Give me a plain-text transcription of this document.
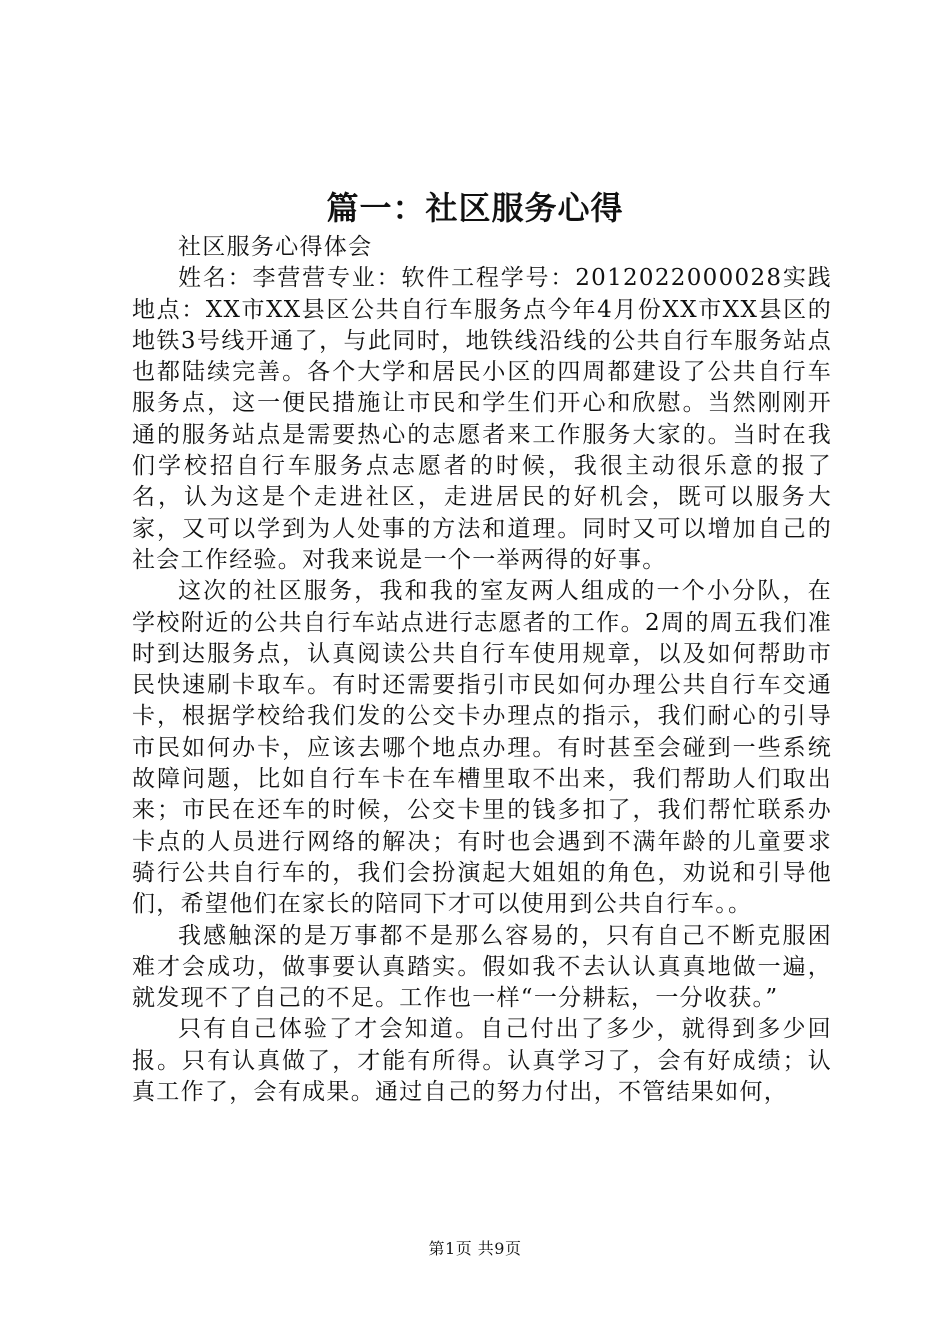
篇一：社区服务心得

社区服务心得体会

姓名：李营营专业：软件工程学号：2012022000028实践地点：XX市XX县区公共自行车服务点今年4月份XX市XX县区的地铁3号线开通了，与此同时，地铁线沿线的公共自行车服务站点也都陆续完善。各个大学和居民小区的四周都建设了公共自行车服务点，这一便民措施让市民和学生们开心和欣慰。当然刚刚开通的服务站点是需要热心的志愿者来工作服务大家的。当时在我们学校招自行车服务点志愿者的时候，我很主动很乐意的报了名，认为这是个走进社区，走进居民的好机会，既可以服务大家，又可以学到为人处事的方法和道理。同时又可以增加自己的社会工作经验。对我来说是一个一举两得的好事。

这次的社区服务，我和我的室友两人组成的一个小分队，在学校附近的公共自行车站点进行志愿者的工作。2周的周五我们准时到达服务点，认真阅读公共自行车使用规章，以及如何帮助市民快速刷卡取车。有时还需要指引市民如何办理公共自行车交通卡，根据学校给我们发的公交卡办理点的指示，我们耐心的引导市民如何办卡，应该去哪个地点办理。有时甚至会碰到一些系统故障问题，比如自行车卡在车槽里取不出来，我们帮助人们取出来；市民在还车的时候，公交卡里的钱多扣了，我们帮忙联系办卡点的人员进行网络的解决；有时也会遇到不满年龄的儿童要求骑行公共自行车的，我们会扮演起大姐姐的角色，劝说和引导他们，希望他们在家长的陪同下才可以使用到公共自行车。。

我感触深的是万事都不是那么容易的，只有自己不断克服困难才会成功，做事要认真踏实。假如我不去认认真真地做一遍，就发现不了自己的不足。工作也一样“一分耕耘，一分收获。”

只有自己体验了才会知道。自己付出了多少，就得到多少回报。只有认真做了，才能有所得。认真学习了，会有好成绩；认真工作了，会有成果。通过自己的努力付出，不管结果如何，

第1页 共9页
